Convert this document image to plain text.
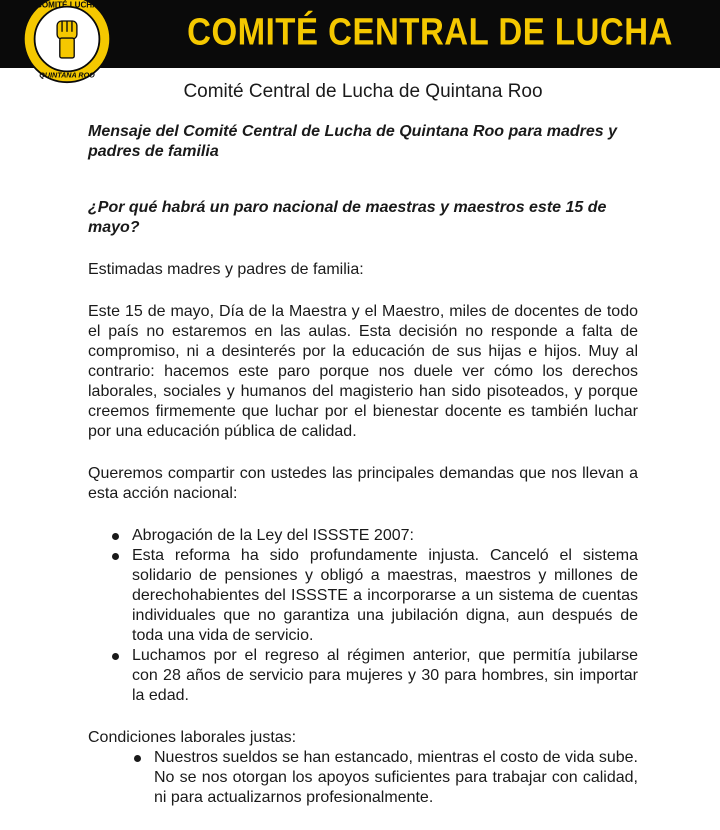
COMITÉ LUCHA
QUINTANA ROO
COMITÉ CENTRAL DE LUCHA
Comité Central de Lucha de Quintana Roo

Mensaje del Comité Central de Lucha de Quintana Roo para madres y padres de familia

¿Por qué habrá un paro nacional de maestras y maestros este 15 de mayo?

Estimadas madres y padres de familia:

Este 15 de mayo, Día de la Maestra y el Maestro, miles de docentes de todo el país no estaremos en las aulas. Esta decisión no responde a falta de compromiso, ni a desinterés por la educación de sus hijas e hijos. Muy al contrario: hacemos este paro porque nos duele ver cómo los derechos laborales, sociales y humanos del magisterio han sido pisoteados, y porque creemos firmemente que luchar por el bienestar docente es también luchar por una educación pública de calidad.

Queremos compartir con ustedes las principales demandas que nos llevan a esta acción nacional:

Abrogación de la Ley del ISSSTE 2007:
Esta reforma ha sido profundamente injusta. Canceló el sistema solidario de pensiones y obligó a maestras, maestros y millones de derechohabientes del ISSSTE a incorporarse a un sistema de cuentas individuales que no garantiza una jubilación digna, aun después de toda una vida de servicio.
Luchamos por el regreso al régimen anterior, que permitía jubilarse con 28 años de servicio para mujeres y 30 para hombres, sin importar la edad.

Condiciones laborales justas:

Nuestros sueldos se han estancado, mientras el costo de vida sube. No se nos otorgan los apoyos suficientes para trabajar con calidad, ni para actualizarnos profesionalmente.
